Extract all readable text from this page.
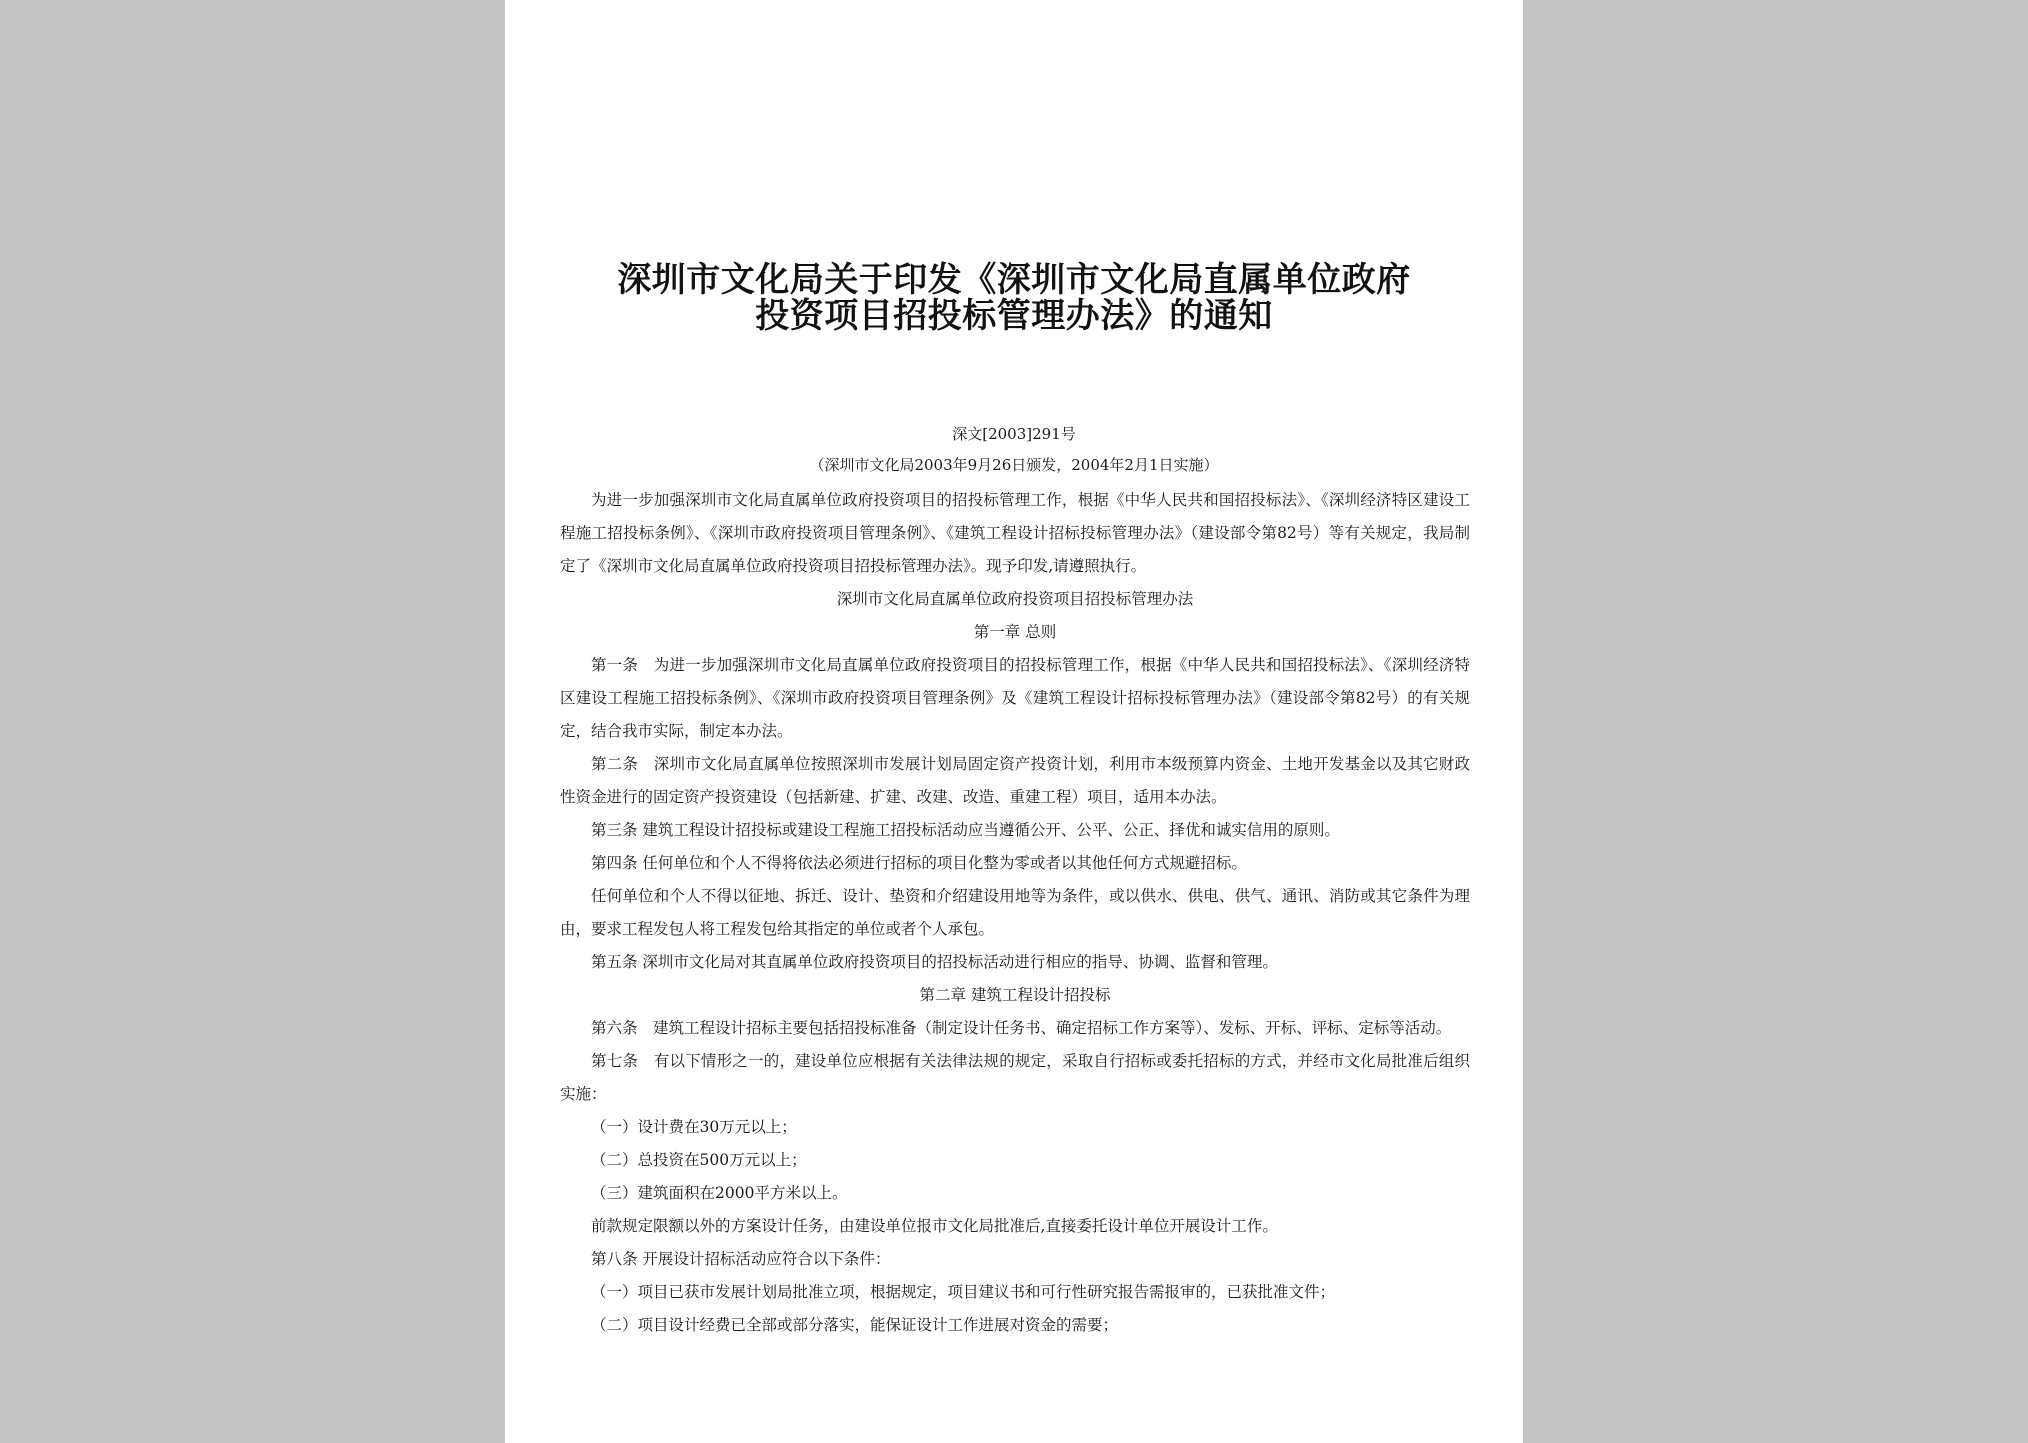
深圳市文化局关于印发《深圳市文化局直属单位政府
投资项目招投标管理办法》的通知
深文[2003]291号
（深圳市文化局2003年9月26日颁发，2004年2月1日实施）

为进一步加强深圳市文化局直属单位政府投资项目的招投标管理工作，根据《中华人民共和国招投标法》、《深圳经济特区建设工程施工招投标条例》、《深圳市政府投资项目管理条例》、《建筑工程设计招标投标管理办法》（建设部令第82号）等有关规定，我局制定了《深圳市文化局直属单位政府投资项目招投标管理办法》。现予印发,请遵照执行。

深圳市文化局直属单位政府投资项目招投标管理办法

第一章 总则

第一条　为进一步加强深圳市文化局直属单位政府投资项目的招投标管理工作，根据《中华人民共和国招投标法》、《深圳经济特区建设工程施工招投标条例》、《深圳市政府投资项目管理条例》及《建筑工程设计招标投标管理办法》（建设部令第82号）的有关规定，结合我市实际，制定本办法。

第二条　深圳市文化局直属单位按照深圳市发展计划局固定资产投资计划，利用市本级预算内资金、土地开发基金以及其它财政性资金进行的固定资产投资建设（包括新建、扩建、改建、改造、重建工程）项目，适用本办法。

第三条 建筑工程设计招投标或建设工程施工招投标活动应当遵循公开、公平、公正、择优和诚实信用的原则。

第四条 任何单位和个人不得将依法必须进行招标的项目化整为零或者以其他任何方式规避招标。

任何单位和个人不得以征地、拆迁、设计、垫资和介绍建设用地等为条件，或以供水、供电、供气、通讯、消防或其它条件为理由，要求工程发包人将工程发包给其指定的单位或者个人承包。

第五条 深圳市文化局对其直属单位政府投资项目的招投标活动进行相应的指导、协调、监督和管理。

第二章 建筑工程设计招投标

第六条　建筑工程设计招标主要包括招投标准备（制定设计任务书、确定招标工作方案等）、发标、开标、评标、定标等活动。

第七条　有以下情形之一的，建设单位应根据有关法律法规的规定，采取自行招标或委托招标的方式，并经市文化局批准后组织实施：

（一）设计费在30万元以上；

（二）总投资在500万元以上；

（三）建筑面积在2000平方米以上。

前款规定限额以外的方案设计任务，由建设单位报市文化局批准后,直接委托设计单位开展设计工作。

第八条 开展设计招标活动应符合以下条件：

（一）项目已获市发展计划局批准立项，根据规定，项目建议书和可行性研究报告需报审的，已获批准文件；

（二）项目设计经费已全部或部分落实，能保证设计工作进展对资金的需要；
